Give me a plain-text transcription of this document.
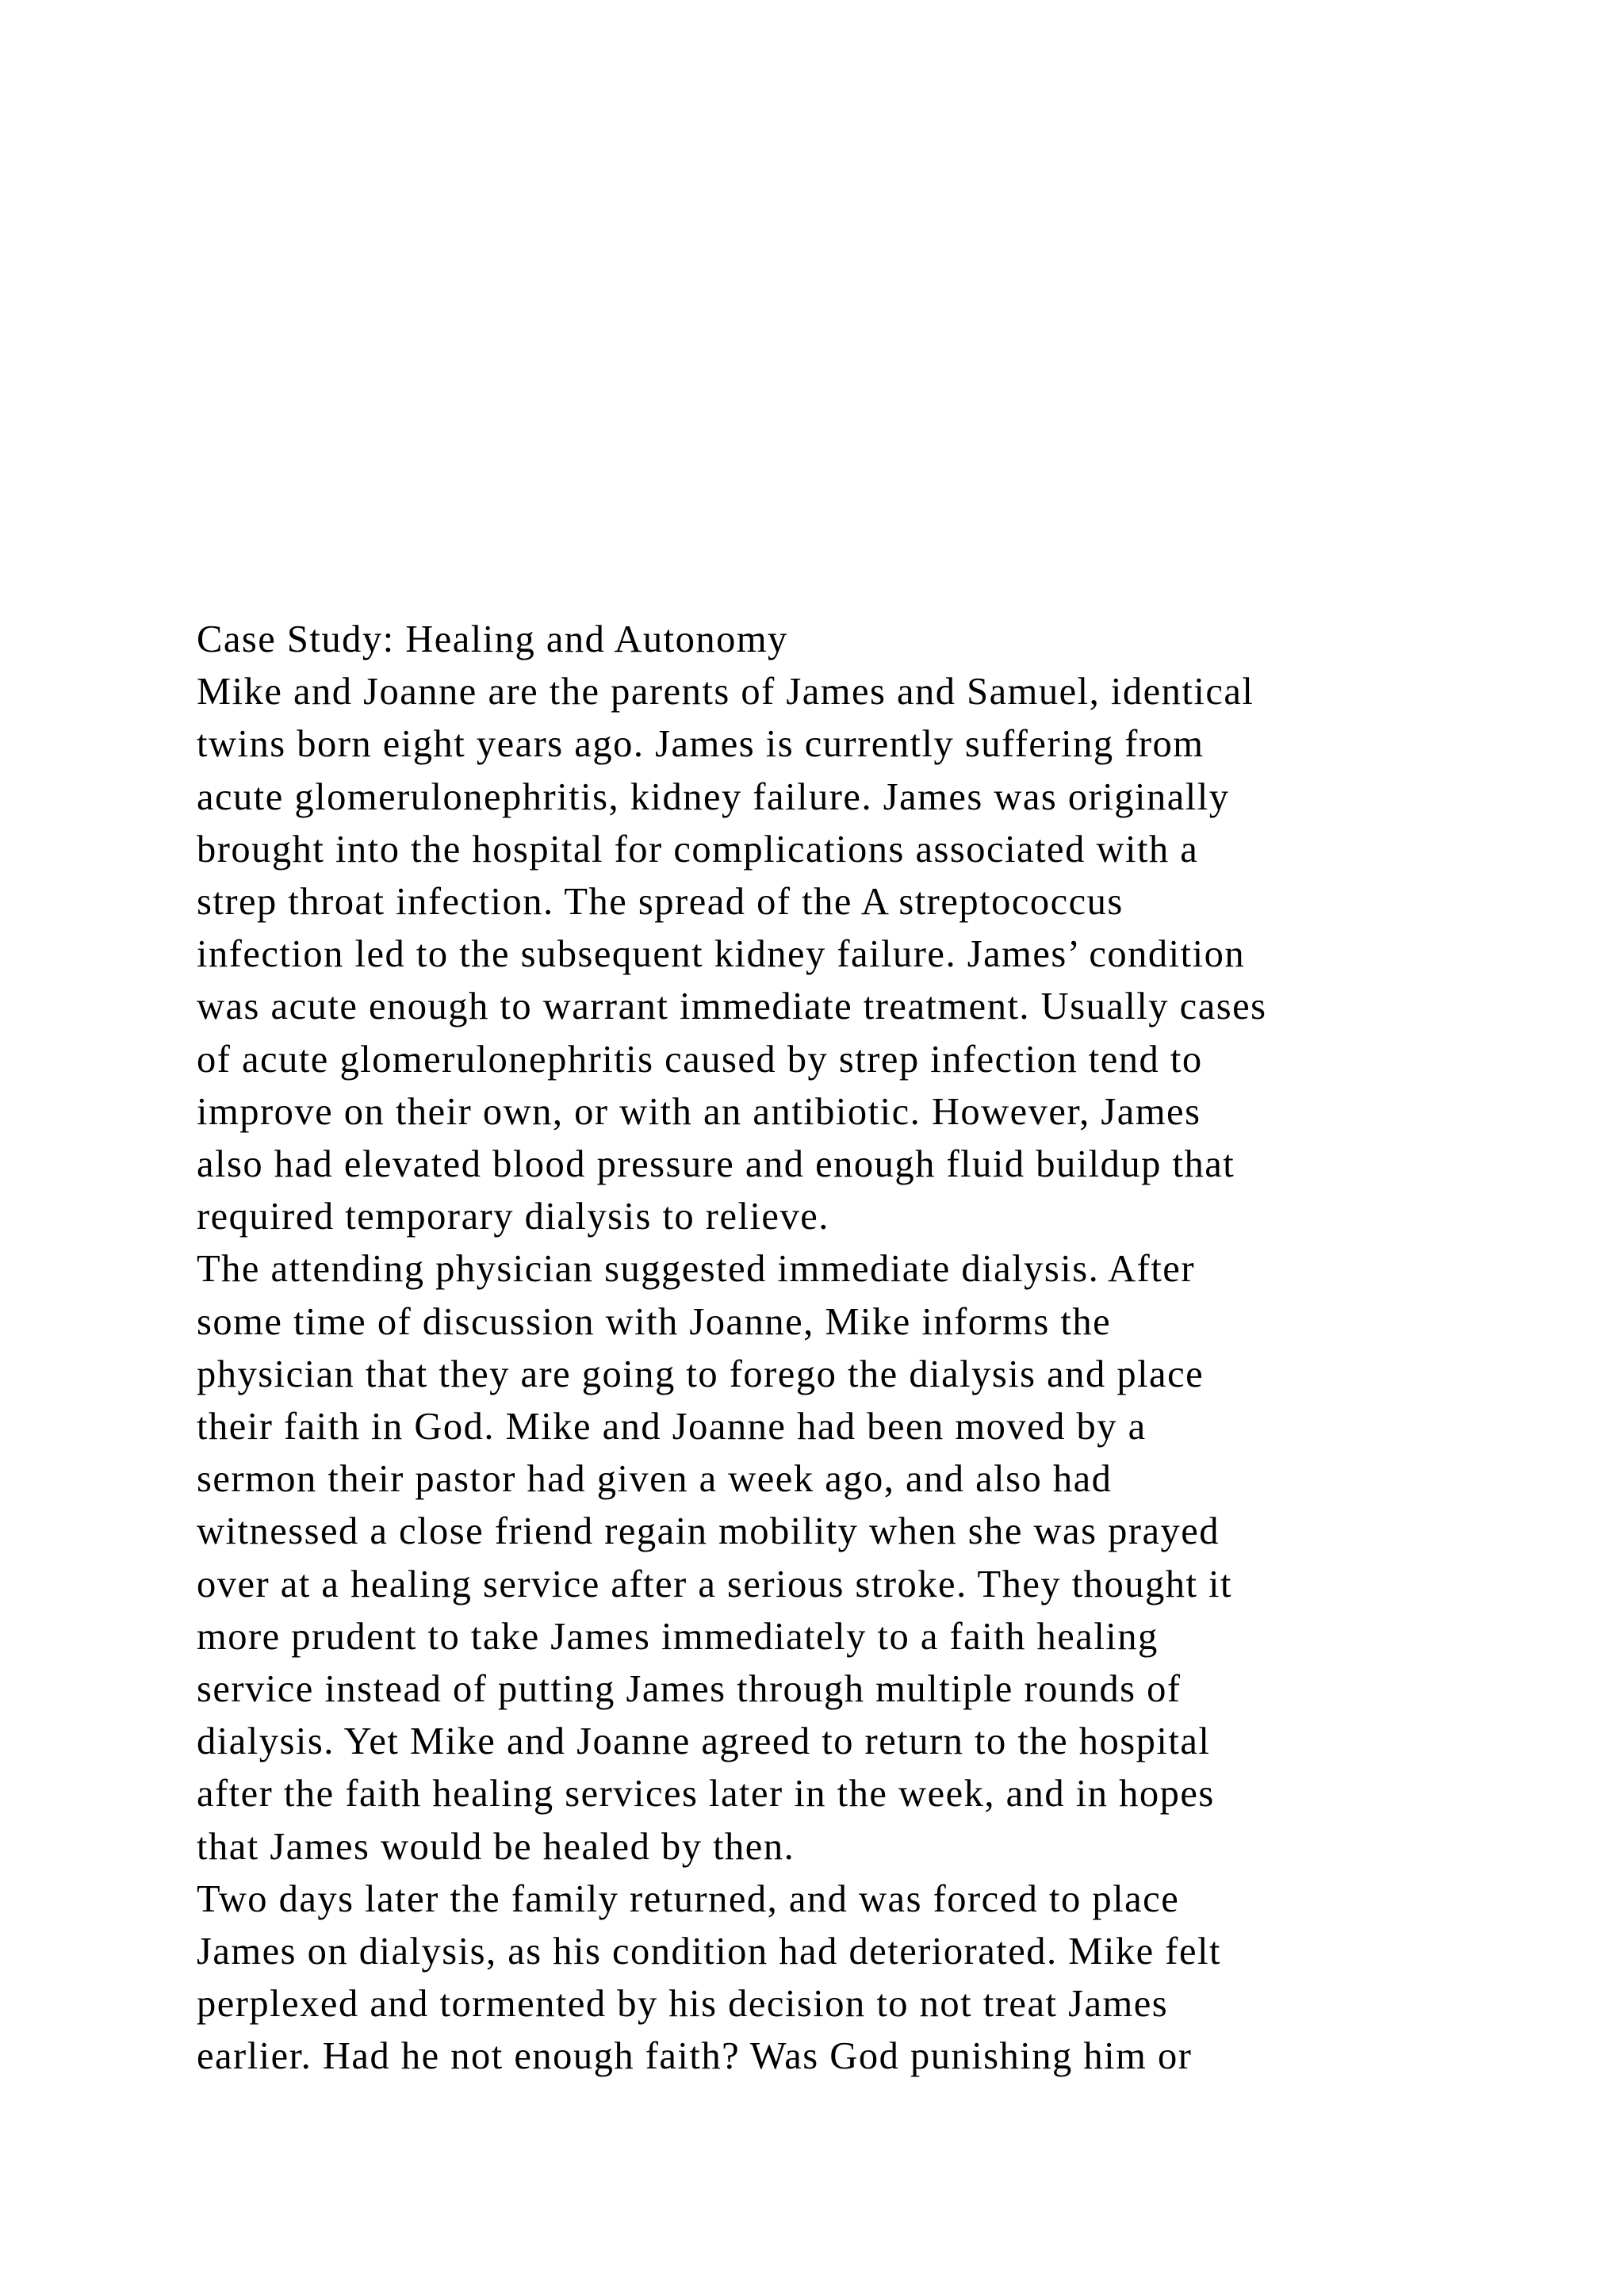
Case Study: Healing and Autonomy
Mike and Joanne are the parents of James and Samuel, identical
twins born eight years ago. James is currently suffering from
acute glomerulonephritis, kidney failure. James was originally
brought into the hospital for complications associated with a
strep throat infection. The spread of the A streptococcus
infection led to the subsequent kidney failure. James’ condition
was acute enough to warrant immediate treatment. Usually cases
of acute glomerulonephritis caused by strep infection tend to
improve on their own, or with an antibiotic. However, James
also had elevated blood pressure and enough fluid buildup that
required temporary dialysis to relieve.
The attending physician suggested immediate dialysis. After
some time of discussion with Joanne, Mike informs the
physician that they are going to forego the dialysis and place
their faith in God. Mike and Joanne had been moved by a
sermon their pastor had given a week ago, and also had
witnessed a close friend regain mobility when she was prayed
over at a healing service after a serious stroke. They thought it
more prudent to take James immediately to a faith healing
service instead of putting James through multiple rounds of
dialysis. Yet Mike and Joanne agreed to return to the hospital
after the faith healing services later in the week, and in hopes
that James would be healed by then.
Two days later the family returned, and was forced to place
James on dialysis, as his condition had deteriorated. Mike felt
perplexed and tormented by his decision to not treat James
earlier. Had he not enough faith? Was God punishing him or
